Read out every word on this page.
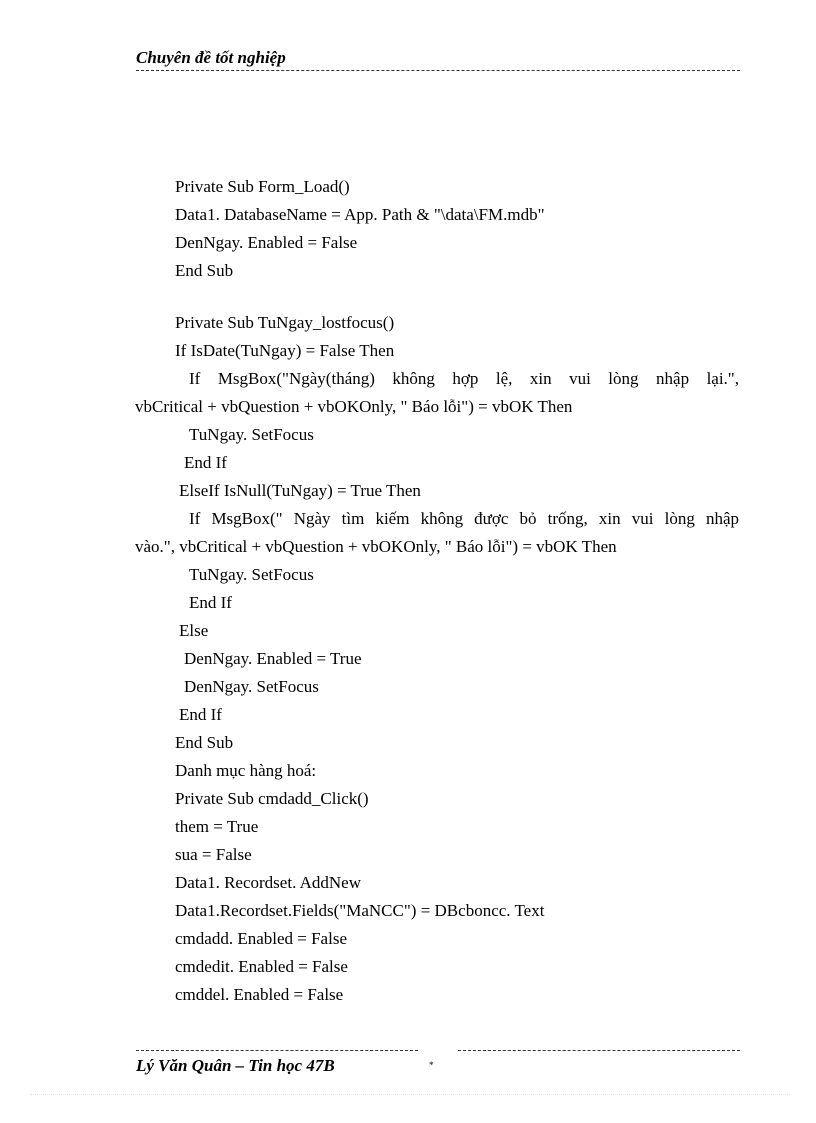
Chuyên đề tốt nghiệp
Private Sub Form_Load()
Data1. DatabaseName = App. Path & "\data\FM.mdb"
DenNgay. Enabled = False
End Sub
Private Sub TuNgay_lostfocus()
If IsDate(TuNgay) = False Then
If MsgBox("Ngày(tháng) không hợp lệ, xin vui lòng nhập lại.",
vbCritical + vbQuestion + vbOKOnly, " Báo lỗi") = vbOK Then
TuNgay. SetFocus
End If
ElseIf IsNull(TuNgay) = True Then
If MsgBox(" Ngày tìm kiếm không được bỏ trống, xin vui lòng nhập
vào.", vbCritical + vbQuestion + vbOKOnly, " Báo lỗi") = vbOK Then
TuNgay. SetFocus
End If
Else
DenNgay. Enabled = True
DenNgay. SetFocus
End If
End Sub
Danh mục hàng hoá:
Private Sub cmdadd_Click()
them = True
sua = False
Data1. Recordset. AddNew
Data1.Recordset.Fields("MaNCC") = DBcboncc. Text
cmdadd. Enabled = False
cmdedit. Enabled = False
cmddel. Enabled = False
Lý Văn Quân – Tin học 47B	*
